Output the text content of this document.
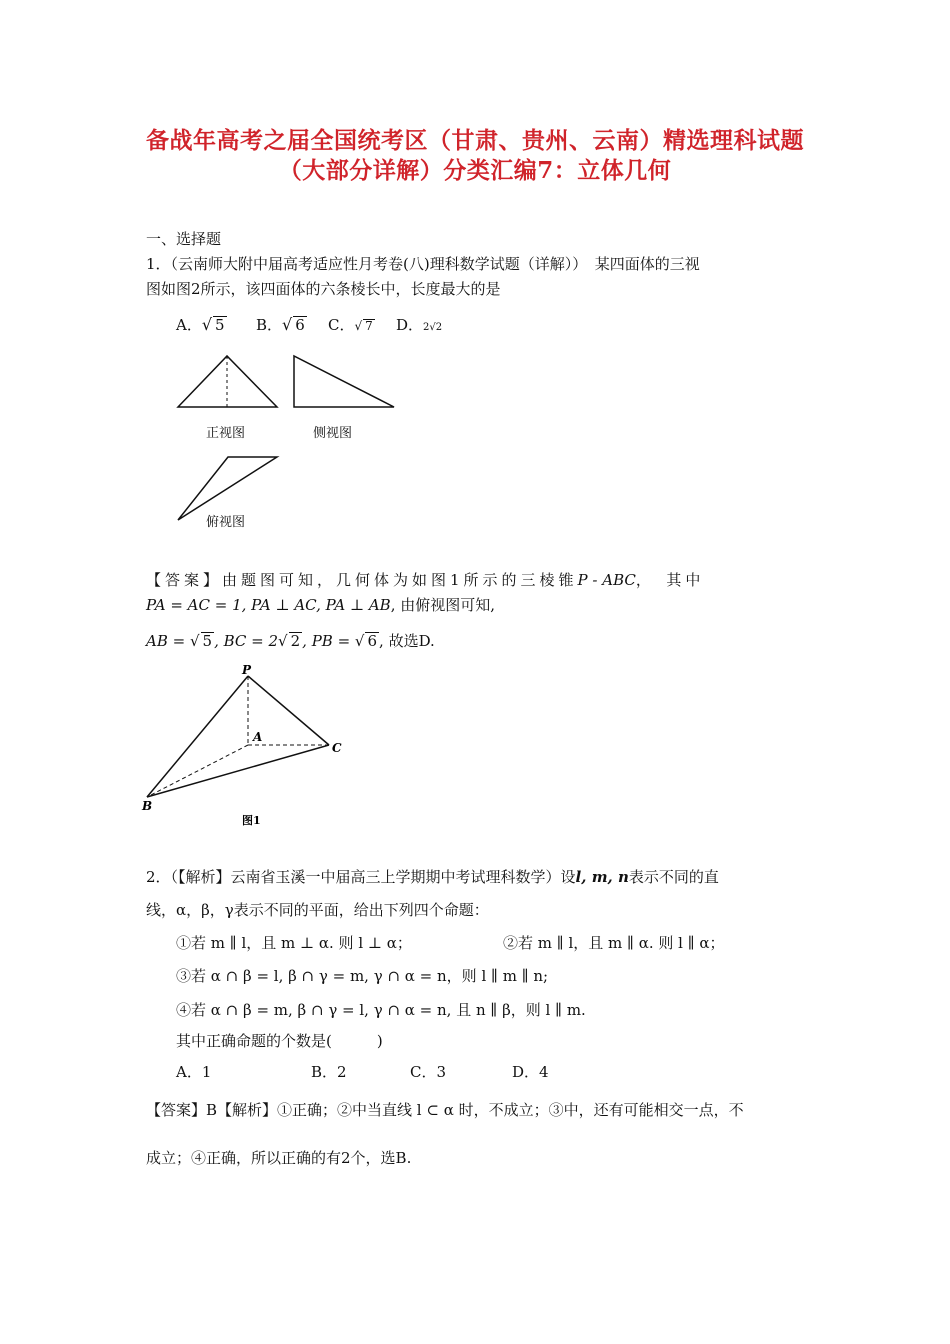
备战年高考之届全国统考区（甘肃、贵州、云南）精选理科试题
（大部分详解）分类汇编7：立体几何
一、选择题
1．（云南师大附中届高考适应性月考卷(八)理科数学试题（详解））　某四面体的三视
图如图2所示，该四面体的六条棱长中，长度最大的是
A．√ 5 B．√ 6 C．√ 7 D．2√2
正视图	侧视图
俯视图
【答案】由题图可知，几何体为如图1所示的三棱锥P - ABC，　其中
PA = AC = 1, PA ⊥ AC, PA ⊥ AB, 由俯视图可知,
AB = √ 5 , BC = 2√ 2 , PB = √ 6 , 故选D.
P
A
B
C
图1
2．（【解析】云南省玉溪一中届高三上学期期中考试理科数学）设l, m, n表示不同的直
线，α，β，γ表示不同的平面，给出下列四个命题：
①若 m ∥ l，且 m ⊥ α. 则 l ⊥ α；	②若 m ∥ l，且 m ∥ α. 则 l ∥ α；
③若 α ∩ β = l, β ∩ γ = m, γ ∩ α = n，则 l ∥ m ∥ n;
④若 α ∩ β = m, β ∩ γ = l, γ ∩ α = n, 且 n ∥ β，则 l ∥ m.
其中正确命题的个数是(　　　)
A．1	B．2	C．3	D．4
【答案】B【解析】①正确；②中当直线 l ⊂ α 时，不成立；③中，还有可能相交一点，不
成立；④正确，所以正确的有2个，选B.
